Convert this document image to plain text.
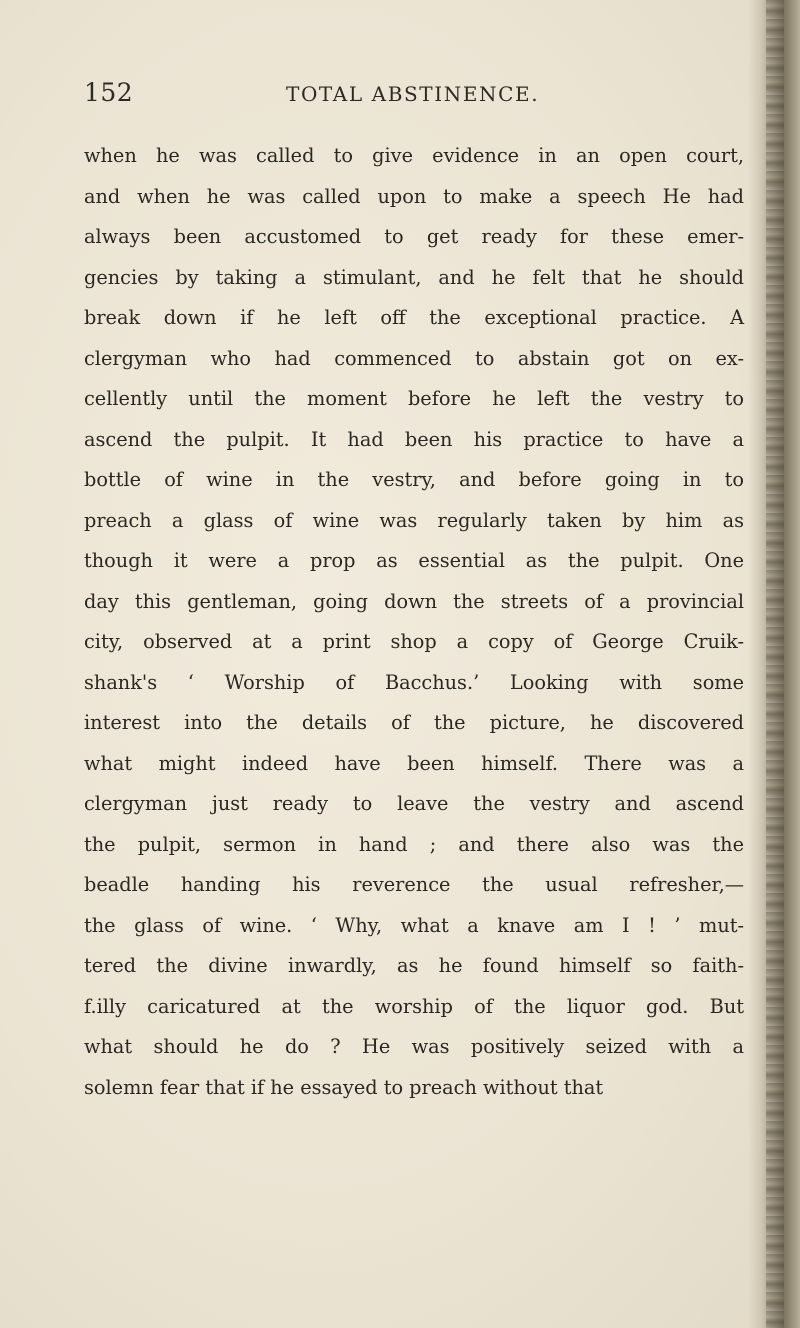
152	TOTAL ABSTINENCE.
when he was called to give evidence in an open court,
and when he was called upon to make a speech He had
always been accustomed to get ready for these emer-
gencies by taking a stimulant, and he felt that he should
break down if he left off the exceptional practice. A
clergyman who had commenced to abstain got on ex-
cellently until the moment before he left the vestry to
ascend the pulpit. It had been his practice to have a
bottle of wine in the vestry, and before going in to
preach a glass of wine was regularly taken by him as
though it were a prop as essential as the pulpit. One
day this gentleman, going down the streets of a provincial
city, observed at a print shop a copy of George Cruik-
shank's ‘ Worship of Bacchus.’ Looking with some
interest into the details of the picture, he discovered
what might indeed have been himself. There was a
clergyman just ready to leave the vestry and ascend
the pulpit, sermon in hand ; and there also was the
beadle handing his reverence the usual refresher,—
the glass of wine. ‘ Why, what a knave am I ! ’ mut-
tered the divine inwardly, as he found himself so faith-
f.illy caricatured at the worship of the liquor god. But
what should he do ? He was positively seized with a
solemn fear that if he essayed to preach without that
